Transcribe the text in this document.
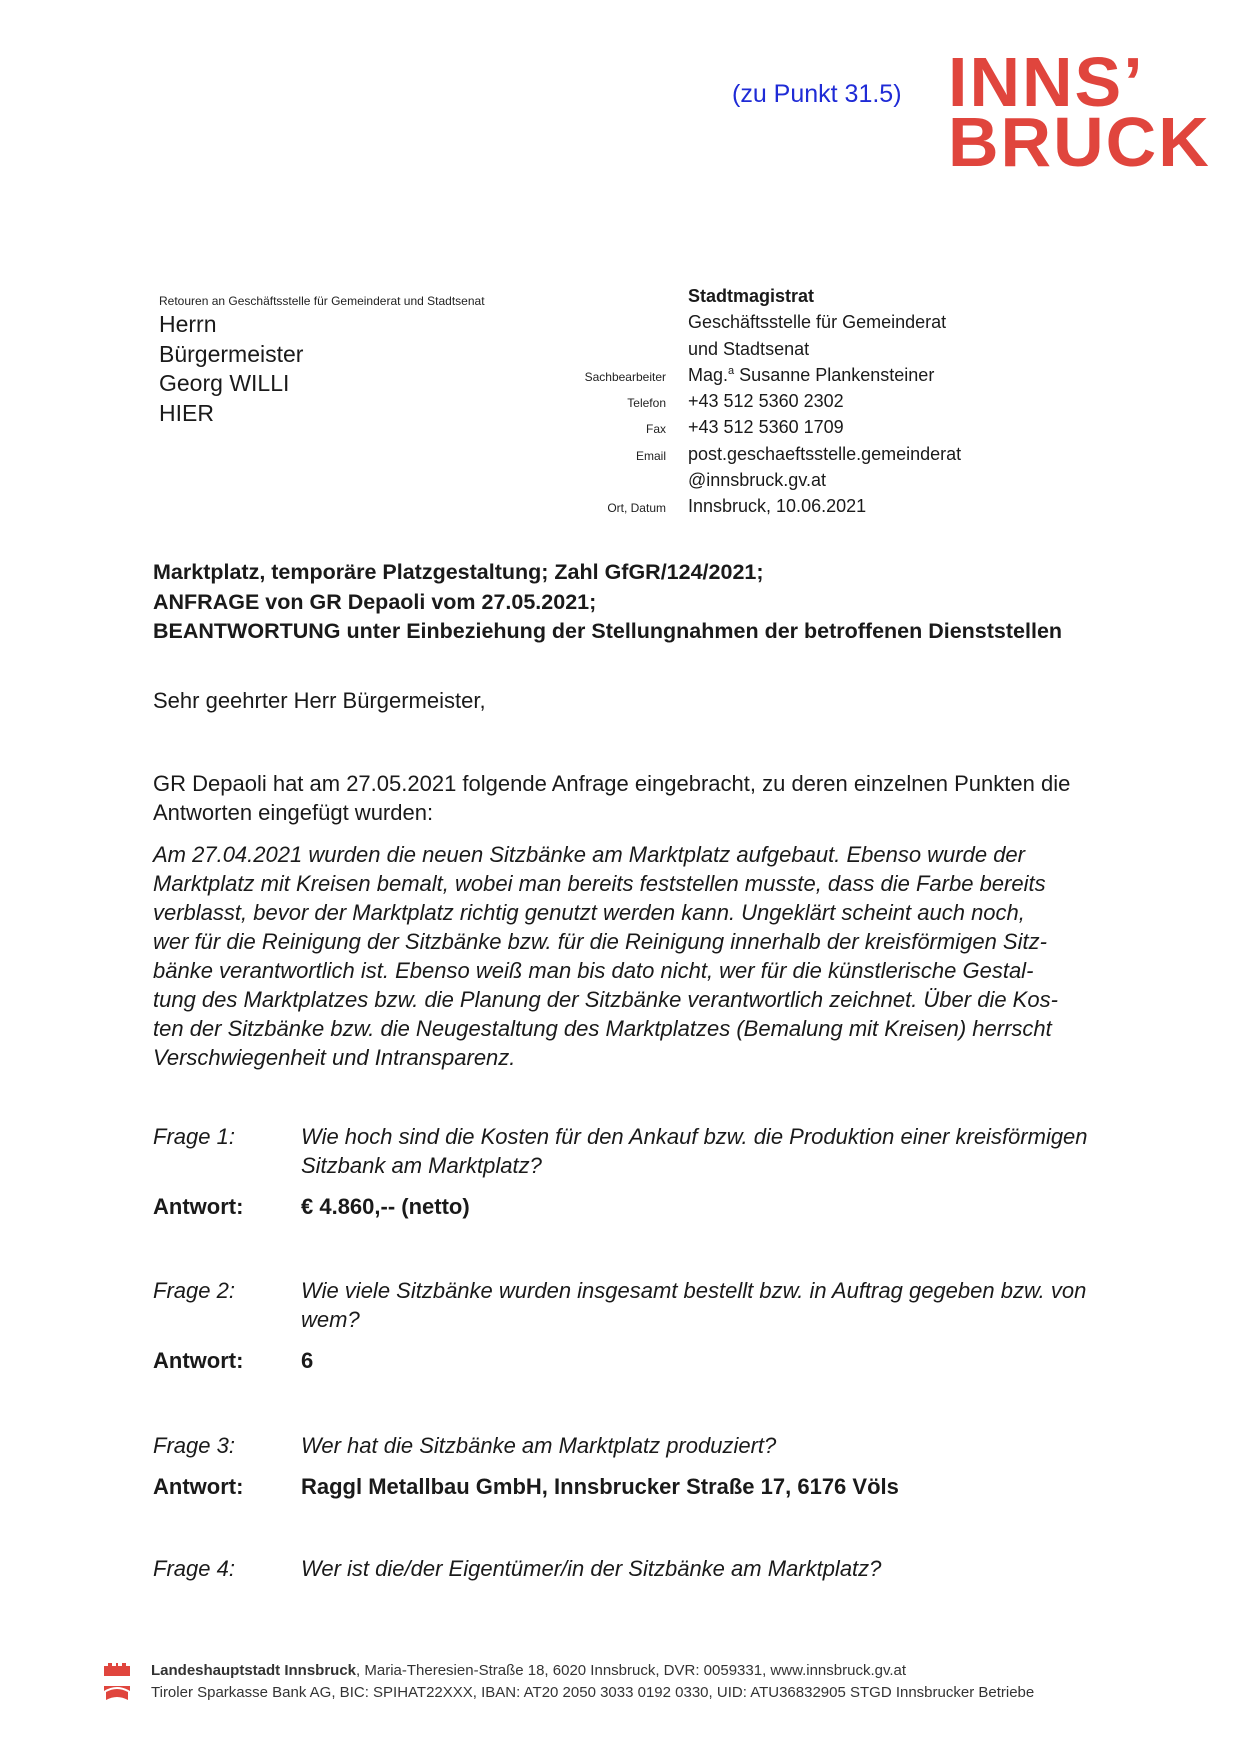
(zu Punkt 31.5) INNS’
BRUCK
Retouren an Geschäftsstelle für Gemeinderat und Stadtsenat
Herrn
Bürgermeister
Georg WILLI
HIER
Stadtmagistrat
Geschäftsstelle für Gemeinderat
und Stadtsenat
Sachbearbeiter	Mag.$^a$ Susanne Plankensteiner
Telefon	+43 512 5360 2302
Fax	+43 512 5360 1709
Email	post.geschaeftsstelle.gemeinderat
@innsbruck.gv.at
Ort, Datum	Innsbruck, 10.06.2021
Marktplatz, temporäre Platzgestaltung; Zahl GfGR/124/2021;
ANFRAGE von GR Depaoli vom 27.05.2021;
BEANTWORTUNG unter Einbeziehung der Stellungnahmen der betroffenen Dienststellen
Sehr geehrter Herr Bürgermeister,
GR Depaoli hat am 27.05.2021 folgende Anfrage eingebracht, zu deren einzelnen Punkten die Antworten eingefügt wurden:
Am 27.04.2021 wurden die neuen Sitzbänke am Marktplatz aufgebaut. Ebenso wurde der
Marktplatz mit Kreisen bemalt, wobei man bereits feststellen musste, dass die Farbe bereits
verblasst, bevor der Marktplatz richtig genutzt werden kann. Ungeklärt scheint auch noch,
wer für die Reinigung der Sitzbänke bzw. für die Reinigung innerhalb der kreisförmigen Sitz-
bänke verantwortlich ist. Ebenso weiß man bis dato nicht, wer für die künstlerische Gestal-
tung des Marktplatzes bzw. die Planung der Sitzbänke verantwortlich zeichnet. Über die Kos-
ten der Sitzbänke bzw. die Neugestaltung des Marktplatzes (Bemalung mit Kreisen) herrscht
Verschwiegenheit und Intransparenz.
Frage 1:	Wie hoch sind die Kosten für den Ankauf bzw. die Produktion einer kreisförmigen Sitzbank am Marktplatz?
Antwort:	€ 4.860,-- (netto)
Frage 2:	Wie viele Sitzbänke wurden insgesamt bestellt bzw. in Auftrag gegeben bzw. von wem?
Antwort:	6
Frage 3:	Wer hat die Sitzbänke am Marktplatz produziert?
Antwort:	Raggl Metallbau GmbH, Innsbrucker Straße 17, 6176 Völs
Frage 4:	Wer ist die/der Eigentümer/in der Sitzbänke am Marktplatz?
Landeshauptstadt Innsbruck, Maria-Theresien-Straße 18, 6020 Innsbruck, DVR: 0059331, www.innsbruck.gv.at
Tiroler Sparkasse Bank AG, BIC: SPIHAT22XXX, IBAN: AT20 2050 3033 0192 0330, UID: ATU36832905 STGD Innsbrucker Betriebe
